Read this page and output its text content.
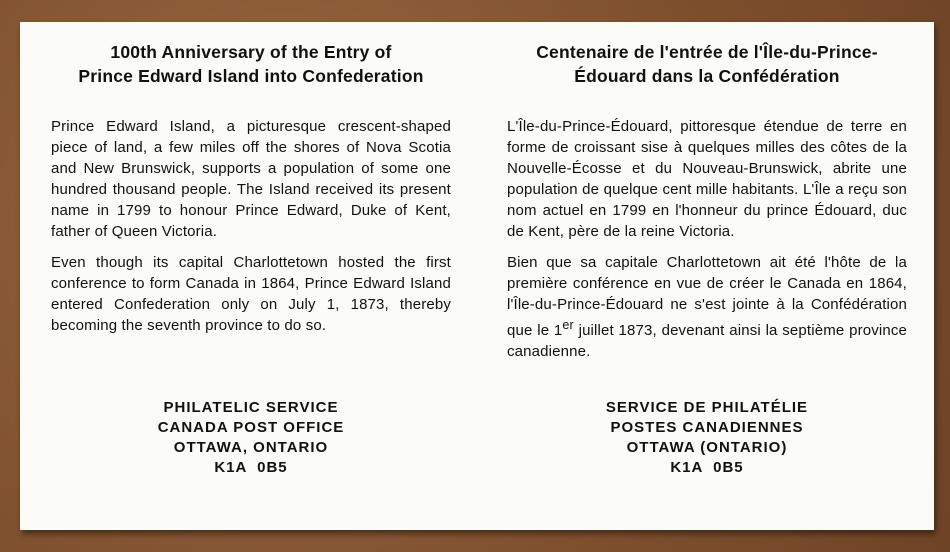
100th Anniversary of the Entry of
Prince Edward Island into Confederation

Prince Edward Island, a picturesque crescent-shaped piece of land, a few miles off the shores of Nova Scotia and New Brunswick, supports a population of some one hundred thousand people. The Island received its present name in 1799 to honour Prince Edward, Duke of Kent, father of Queen Victoria.

Even though its capital Charlottetown hosted the first conference to form Canada in 1864, Prince Edward Island entered Confederation only on July 1, 1873, thereby becoming the seventh province to do so.

Centenaire de l'entrée de l'Île-du-Prince-
Édouard dans la Confédération

L'Île-du-Prince-Édouard, pittoresque étendue de terre en forme de croissant sise à quelques milles des côtes de la Nouvelle-Écosse et du Nouveau-Brunswick, abrite une population de quelque cent mille habitants. L'Île a reçu son nom actuel en 1799 en l'honneur du prince Édouard, duc de Kent, père de la reine Victoria.

Bien que sa capitale Charlottetown ait été l'hôte de la première conférence en vue de créer le Canada en 1864, l'Île-du-Prince-Édouard ne s'est jointe à la Confédération que le 1er juillet 1873, devenant ainsi la septième province canadienne.

PHILATELIC SERVICE
CANADA POST OFFICE
OTTAWA, ONTARIO
K1A  0B5
SERVICE DE PHILATÉLIE
POSTES CANADIENNES
OTTAWA (ONTARIO)
K1A  0B5
